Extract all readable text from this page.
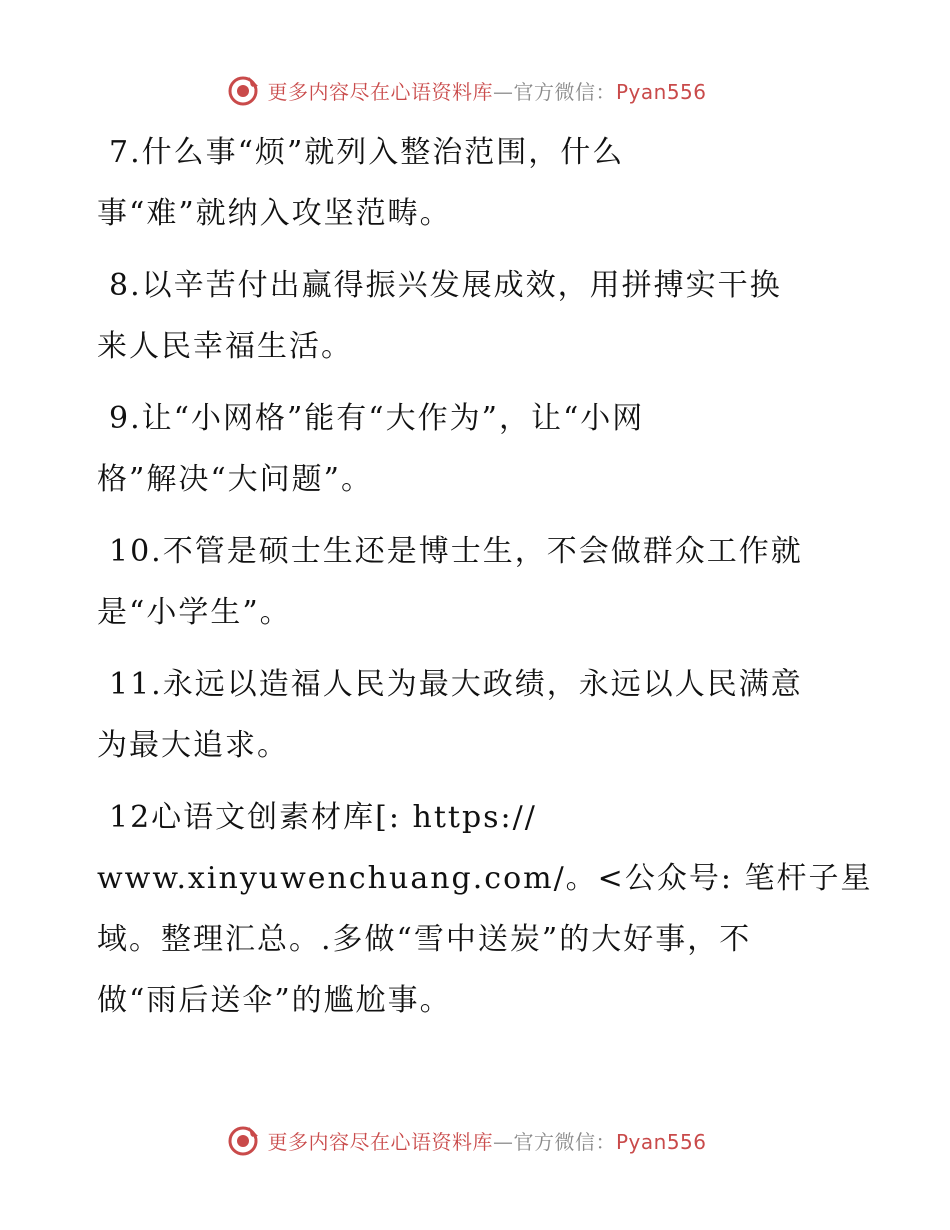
更多内容尽在心语资料库—官方微信：Pyan556
7.什么事“烦”就列入整治范围，什么
事“难”就纳入攻坚范畴。
8.以辛苦付出赢得振兴发展成效，用拼搏实干换
来人民幸福生活。
9.让“小网格”能有“大作为”，让“小网
格”解决“大问题”。
10.不管是硕士生还是博士生，不会做群众工作就
是“小学生”。
11.永远以造福人民为最大政绩，永远以人民满意
为最大追求。
12心语文创素材库[: https://
www.xinyuwenchuang.com/。<公众号: 笔杆子星
域。整理汇总。.多做“雪中送炭”的大好事，不
做“雨后送伞”的尴尬事。
更多内容尽在心语资料库—官方微信：Pyan556
